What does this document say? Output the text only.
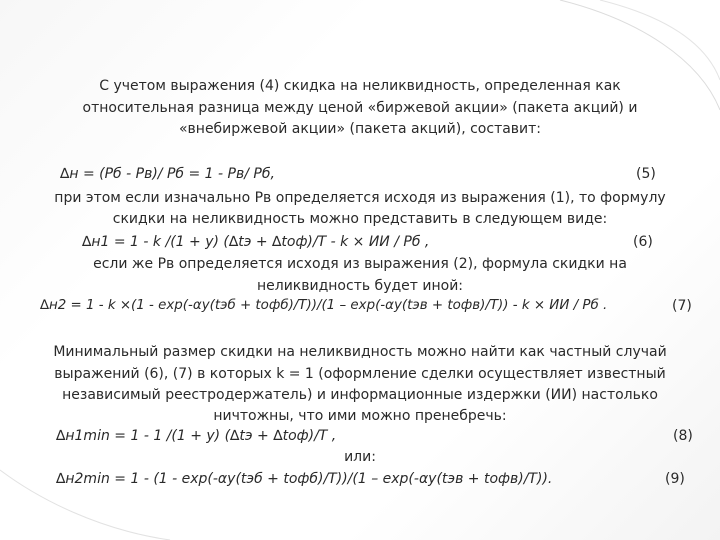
С учетом выражения (4) скидка на неликвидность, определенная как относительная разница между ценой «биржевой акции» (пакета акций) и «внебиржевой акции» (пакета акций), составит:
∆н = (Рб - Рв)/ Рб = 1 - Рв/ Рб,	(5)
при этом если изначально Рв определяется исходя из выражения (1), то формулу
скидки на неликвидность можно представить в следующем виде:
∆н1 = 1 - k /(1 + y) (∆tэ + ∆tоф)/Т - k × ИИ / Рб ,	(6)
если же Рв определяется исходя из выражения (2), формула скидки на
неликвидность будет иной:
∆н2 = 1 - k ×(1 - exp(-αy(tэб + tофб)/Т))/(1 – exp(-αy(tэв + tофв)/Т)) - k × ИИ / Рб .	(7)
Минимальный размер скидки на неликвидность можно найти как частный случай
выражений (6), (7) в которых k = 1 (оформление сделки осуществляет известный
независимый реестродержатель) и информационные издержки (ИИ) настолько
ничтожны, что ими можно пренебречь:
∆н1min = 1 - 1 /(1 + y) (∆tэ + ∆tоф)/Т ,	(8)
или:
∆н2min = 1 - (1 - exp(-αy(tэб + tофб)/Т))/(1 – exp(-αy(tэв + tофв)/Т)).	(9)
